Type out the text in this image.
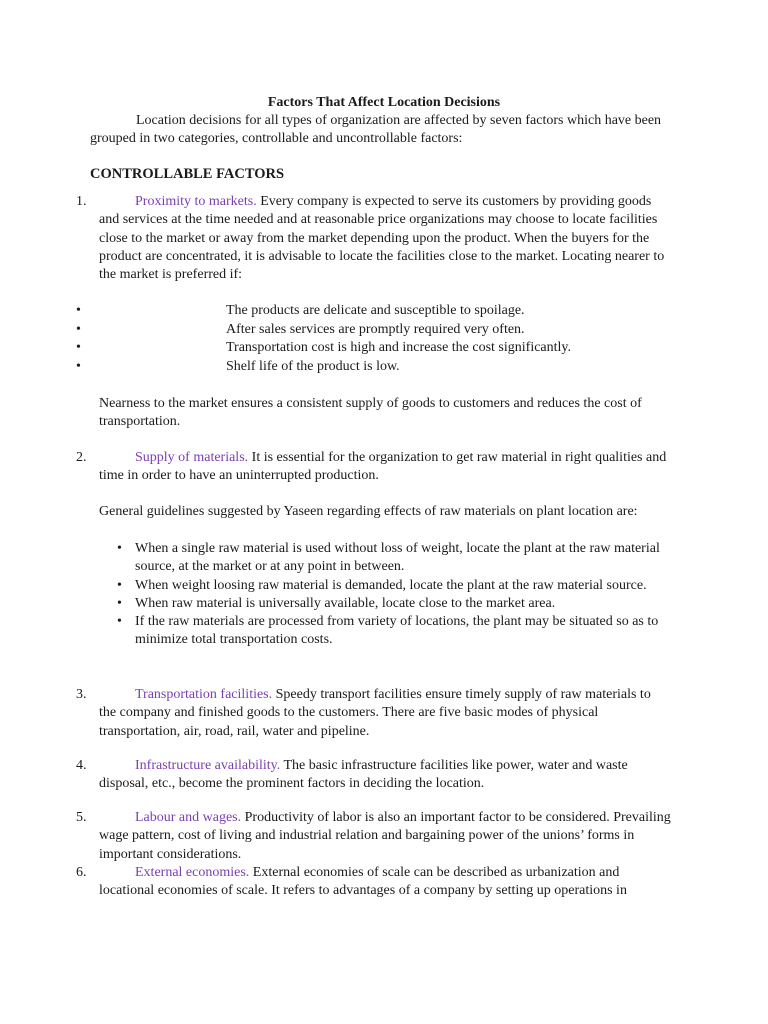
Factors That Affect Location Decisions
Location decisions for all types of organization are affected by seven factors which have been grouped in two categories, controllable and uncontrollable factors:
CONTROLLABLE FACTORS
1.	Proximity to markets. Every company is expected to serve its customers by providing goods and services at the time needed and at reasonable price organizations may choose to locate facilities close to the market or away from the market depending upon the product. When the buyers for the product are concentrated, it is advisable to locate the facilities close to the market. Locating nearer to the market is preferred if:
•	The products are delicate and susceptible to spoilage.
•	After sales services are promptly required very often.
•	Transportation cost is high and increase the cost significantly.
•	Shelf life of the product is low.
Nearness to the market ensures a consistent supply of goods to customers and reduces the cost of transportation.
2.	Supply of materials. It is essential for the organization to get raw material in right qualities and time in order to have an uninterrupted production.
General guidelines suggested by Yaseen regarding effects of raw materials on plant location are:
• When a single raw material is used without loss of weight, locate the plant at the raw material source, at the market or at any point in between.
• When weight loosing raw material is demanded, locate the plant at the raw material source.
• When raw material is universally available, locate close to the market area.
• If the raw materials are processed from variety of locations, the plant may be situated so as to minimize total transportation costs.
3.	Transportation facilities. Speedy transport facilities ensure timely supply of raw materials to the company and finished goods to the customers. There are five basic modes of physical transportation, air, road, rail, water and pipeline.
4.	Infrastructure availability. The basic infrastructure facilities like power, water and waste disposal, etc., become the prominent factors in deciding the location.
5.	Labour and wages. Productivity of labor is also an important factor to be considered. Prevailing wage pattern, cost of living and industrial relation and bargaining power of the unions’ forms in important considerations.
6.	External economies. External economies of scale can be described as urbanization and locational economies of scale. It refers to advantages of a company by setting up operations in
